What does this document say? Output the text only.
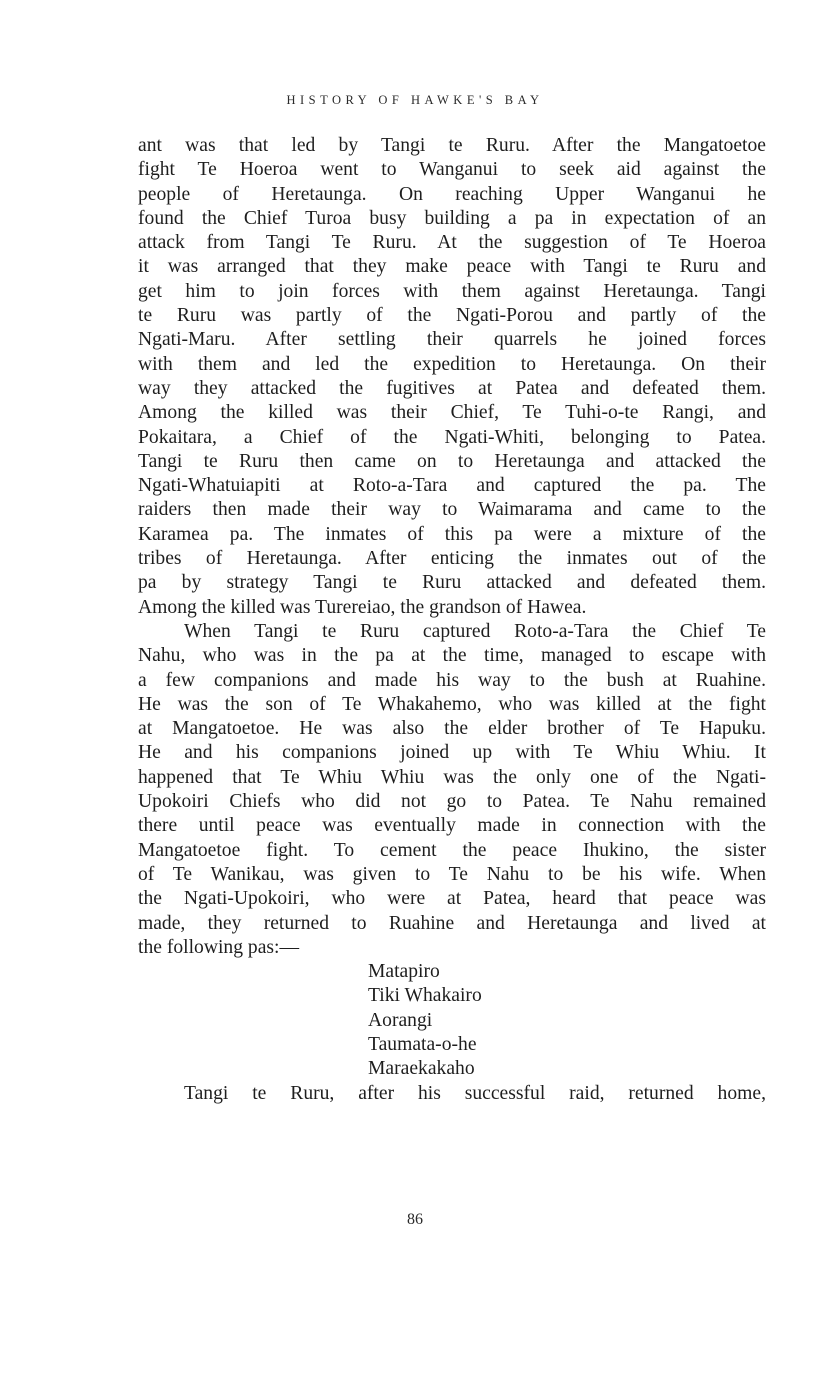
HISTORY OF HAWKE'S BAY
ant was that led by Tangi te Ruru. After the Mangatoetoe
fight Te Hoeroa went to Wanganui to seek aid against the
people of Heretaunga. On reaching Upper Wanganui he
found the Chief Turoa busy building a pa in expectation of an
attack from Tangi Te Ruru. At the suggestion of Te Hoeroa
it was arranged that they make peace with Tangi te Ruru and
get him to join forces with them against Heretaunga. Tangi
te Ruru was partly of the Ngati-Porou and partly of the
Ngati-Maru. After settling their quarrels he joined forces
with them and led the expedition to Heretaunga. On their
way they attacked the fugitives at Patea and defeated them.
Among the killed was their Chief, Te Tuhi-o-te Rangi, and
Pokaitara, a Chief of the Ngati-Whiti, belonging to Patea.
Tangi te Ruru then came on to Heretaunga and attacked the
Ngati-Whatuiapiti at Roto-a-Tara and captured the pa. The
raiders then made their way to Waimarama and came to the
Karamea pa. The inmates of this pa were a mixture of the
tribes of Heretaunga. After enticing the inmates out of the
pa by strategy Tangi te Ruru attacked and defeated them.
Among the killed was Turereiao, the grandson of Hawea.
When Tangi te Ruru captured Roto-a-Tara the Chief Te
Nahu, who was in the pa at the time, managed to escape with
a few companions and made his way to the bush at Ruahine.
He was the son of Te Whakahemo, who was killed at the fight
at Mangatoetoe. He was also the elder brother of Te Hapuku.
He and his companions joined up with Te Whiu Whiu. It
happened that Te Whiu Whiu was the only one of the Ngati-
Upokoiri Chiefs who did not go to Patea. Te Nahu remained
there until peace was eventually made in connection with the
Mangatoetoe fight. To cement the peace Ihukino, the sister
of Te Wanikau, was given to Te Nahu to be his wife. When
the Ngati-Upokoiri, who were at Patea, heard that peace was
made, they returned to Ruahine and Heretaunga and lived at
the following pas:—
Matapiro
Tiki Whakairo
Aorangi
Taumata-o-he
Maraekakaho
Tangi te Ruru, after his successful raid, returned home,
86
